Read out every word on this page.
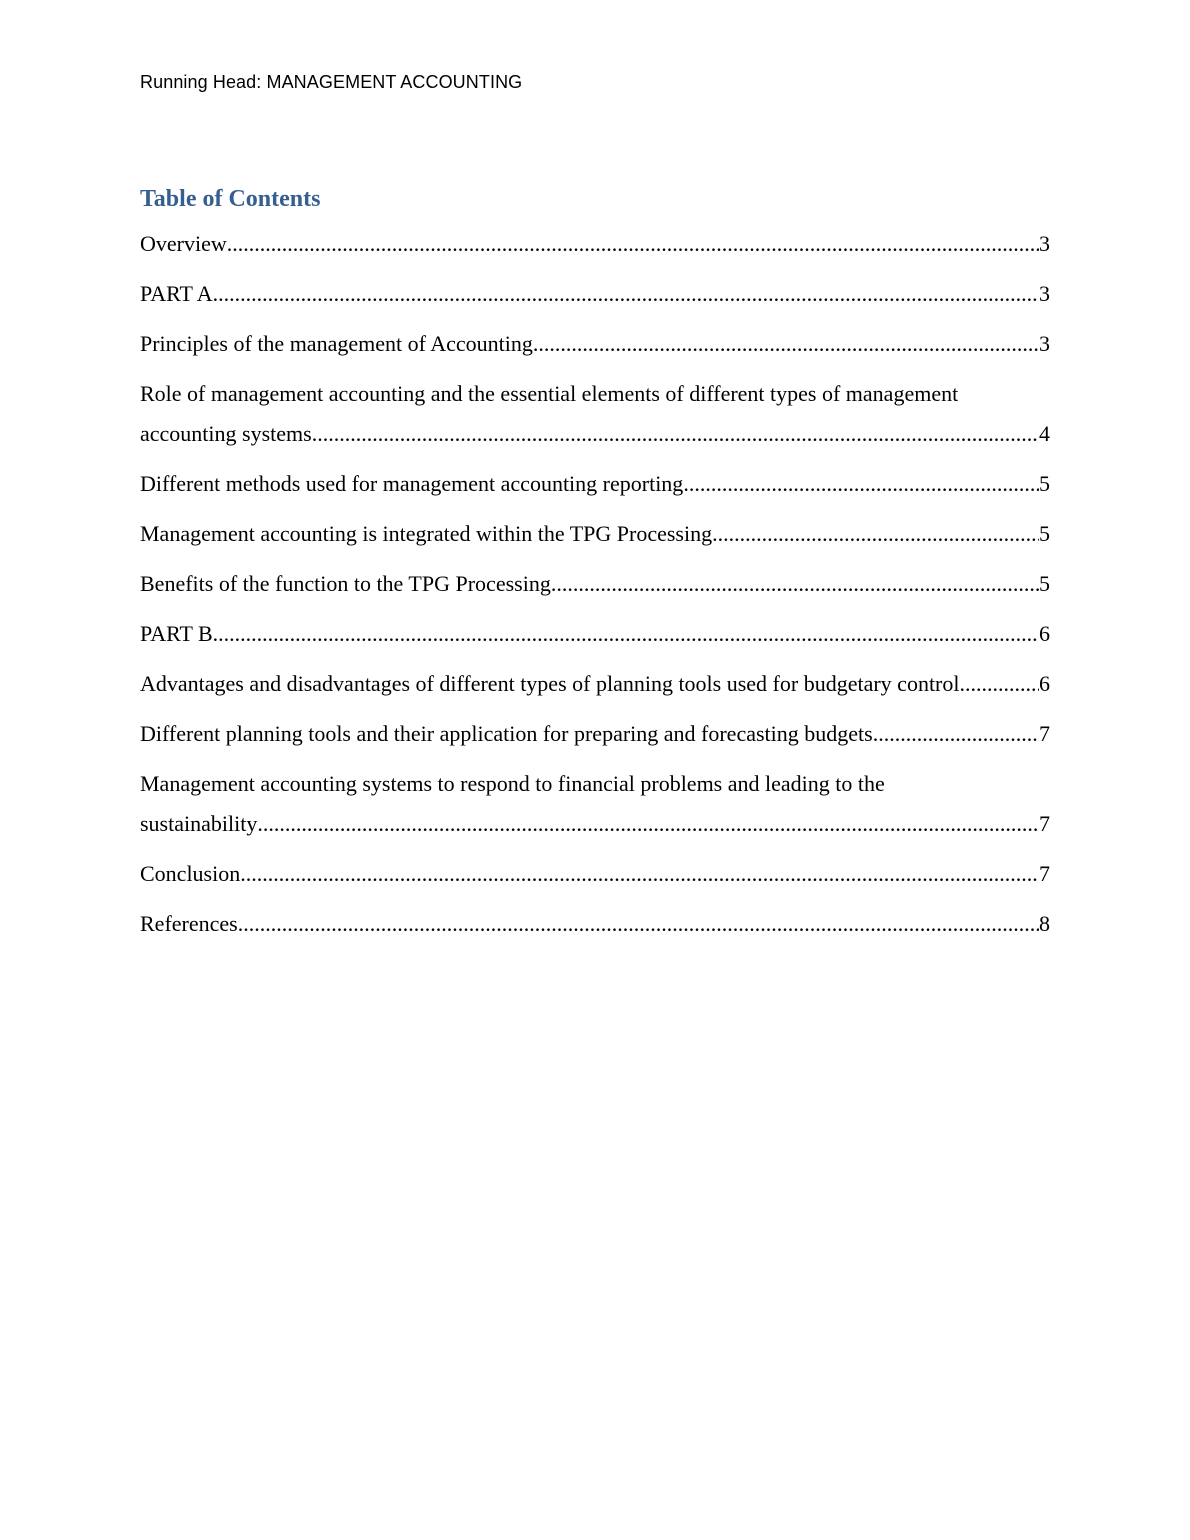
Running Head: MANAGEMENT ACCOUNTING
Table of Contents
Overview .....	3
PART A .....	3
Principles of the management of Accounting .....	3
Role of management accounting and the essential elements of different types of management
accounting systems .....	4
Different methods used for management accounting reporting .....	5
Management accounting is integrated within the TPG Processing .....	5
Benefits of the function to the TPG Processing .....	5
PART B .....	6
Advantages and disadvantages of different types of planning tools used for budgetary control. .....	6
Different planning tools and their application for preparing and forecasting budgets .....	7
Management accounting systems to respond to financial problems and leading to the
sustainability .....	7
Conclusion .....	7
References .....	8
